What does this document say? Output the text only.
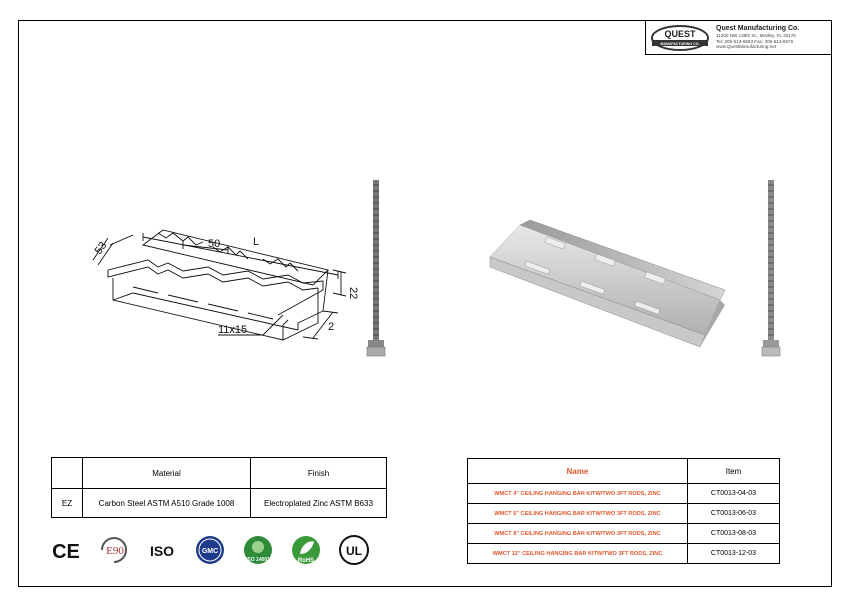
QUEST
MANUFACTURING CO.
Quest Manufacturing Co.
11200 NW 138th St., Medley, FL 33178
Tel: 305-513-8583 Fax: 305-513-8676
www.QuestManufacturing.net
53	50	L
22
2
11x15
	Material	Finish
EZ	Carbon Steel ASTM A510 Grade 1008	Electroplated Zinc ASTM B633
Name	Item
WMCT 4" CEILING HANGING BAR KITW/TWO 3FT RODS, ZINC	CT0013-04-03
WMCT 6" CEILING HANGING BAR KITW/TWO 3FT RODS, ZINC	CT0013-06-03
WMCT 8" CEILING HANGING BAR KITW/TWO 3FT RODS, ZINC	CT0013-08-03
WMCT 12" CEILING HANGING BAR KITW/TWO 3FT RODS, ZINC	CT0013-12-03
CE E90 ISO	GMC
ISO 14001	RoHS
UL
